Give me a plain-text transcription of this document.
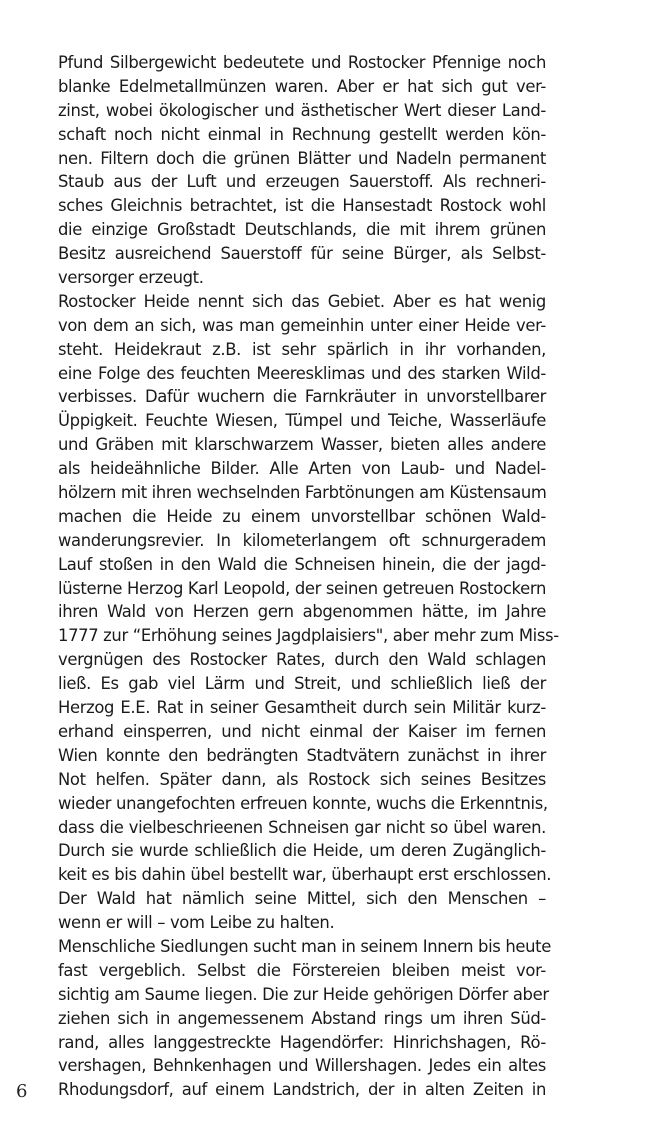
Pfund Silbergewicht bedeutete und Rostocker Pfennige noch
blanke Edelmetallmünzen waren. Aber er hat sich gut ver-
zinst, wobei ökologischer und ästhetischer Wert dieser Land-
schaft noch nicht einmal in Rechnung gestellt werden kön-
nen. Filtern doch die grünen Blätter und Nadeln permanent
Staub aus der Luft und erzeugen Sauerstoff. Als rechneri-
sches Gleichnis betrachtet, ist die Hansestadt Rostock wohl
die einzige Großstadt Deutschlands, die mit ihrem grünen
Besitz ausreichend Sauerstoff für seine Bürger, als Selbst-
versorger erzeugt.
Rostocker Heide nennt sich das Gebiet. Aber es hat wenig
von dem an sich, was man gemeinhin unter einer Heide ver-
steht. Heidekraut z.B. ist sehr spärlich in ihr vorhanden,
eine Folge des feuchten Meeresklimas und des starken Wild-
verbisses. Dafür wuchern die Farnkräuter in unvorstellbarer
Üppigkeit. Feuchte Wiesen, Tümpel und Teiche, Wasserläufe
und Gräben mit klarschwarzem Wasser, bieten alles andere
als heideähnliche Bilder. Alle Arten von Laub- und Nadel-
hölzern mit ihren wechselnden Farbtönungen am Küstensaum
machen die Heide zu einem unvorstellbar schönen Wald-
wanderungsrevier. In kilometerlangem oft schnurgeradem
Lauf stoßen in den Wald die Schneisen hinein, die der jagd-
lüsterne Herzog Karl Leopold, der seinen getreuen Rostockern
ihren Wald von Herzen gern abgenommen hätte, im Jahre
1777 zur “Erhöhung seines Jagdplaisiers", aber mehr zum Miss-
vergnügen des Rostocker Rates, durch den Wald schlagen
ließ. Es gab viel Lärm und Streit, und schließlich ließ der
Herzog E.E. Rat in seiner Gesamtheit durch sein Militär kurz-
erhand einsperren, und nicht einmal der Kaiser im fernen
Wien konnte den bedrängten Stadtvätern zunächst in ihrer
Not helfen. Später dann, als Rostock sich seines Besitzes
wieder unangefochten erfreuen konnte, wuchs die Erkenntnis,
dass die vielbeschrieenen Schneisen gar nicht so übel waren.
Durch sie wurde schließlich die Heide, um deren Zugänglich-
keit es bis dahin übel bestellt war, überhaupt erst erschlossen.
Der Wald hat nämlich seine Mittel, sich den Menschen –
wenn er will – vom Leibe zu halten.
Menschliche Siedlungen sucht man in seinem Innern bis heute
fast vergeblich. Selbst die Förstereien bleiben meist vor-
sichtig am Saume liegen. Die zur Heide gehörigen Dörfer aber
ziehen sich in angemessenem Abstand rings um ihren Süd-
rand, alles langgestreckte Hagendörfer: Hinrichshagen, Rö-
vershagen, Behnkenhagen und Willershagen. Jedes ein altes
Rhodungsdorf, auf einem Landstrich, der in alten Zeiten in
6
